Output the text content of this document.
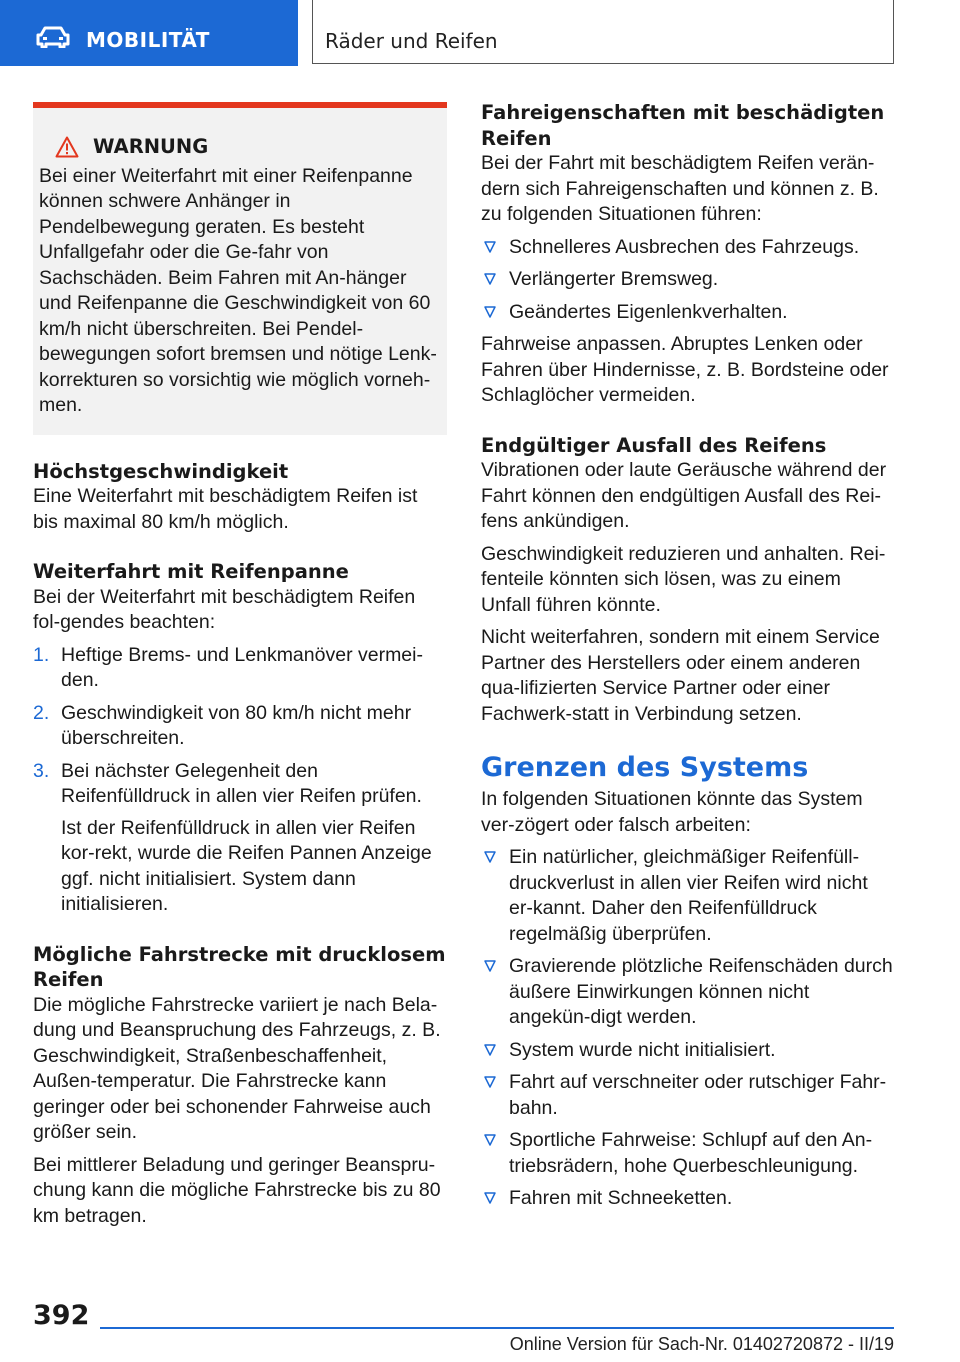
MOBILITÄT	Räder und Reifen
WARNUNG

Bei einer Weiterfahrt mit einer Reifenpanne können schwere Anhänger in Pendelbewegung geraten. Es besteht Unfallgefahr oder die Ge-fahr von Sachschäden. Beim Fahren mit An-hänger und Reifenpanne die Geschwindigkeit von 60 km/h nicht überschreiten. Bei Pendel-bewegungen sofort bremsen und nötige Lenk-korrekturen so vorsichtig wie möglich vorneh-men.

Höchstgeschwindigkeit

Eine Weiterfahrt mit beschädigtem Reifen ist bis maximal 80 km/h möglich.

Weiterfahrt mit Reifenpanne

Bei der Weiterfahrt mit beschädigtem Reifen fol-gendes beachten:

1. Heftige Brems- und Lenkmanöver vermei-den.
2. Geschwindigkeit von 80 km/h nicht mehr überschreiten.
3. Bei nächster Gelegenheit den Reifenfülldruck in allen vier Reifen prüfen.
Ist der Reifenfülldruck in allen vier Reifen kor-rekt, wurde die Reifen Pannen Anzeige ggf. nicht initialisiert. System dann initialisieren.
Mögliche Fahrstrecke mit drucklosem Reifen

Die mögliche Fahrstrecke variiert je nach Bela-dung und Beanspruchung des Fahrzeugs, z. B. Geschwindigkeit, Straßenbeschaffenheit, Außen-temperatur. Die Fahrstrecke kann geringer oder bei schonender Fahrweise auch größer sein.

Bei mittlerer Beladung und geringer Beanspru-chung kann die mögliche Fahrstrecke bis zu 80 km betragen.

Fahreigenschaften mit beschädigten Reifen

Bei der Fahrt mit beschädigtem Reifen verän-dern sich Fahreigenschaften und können z. B. zu folgenden Situationen führen:

Schnelleres Ausbrechen des Fahrzeugs.
Verlängerter Bremsweg.
Geändertes Eigenlenkverhalten.

Fahrweise anpassen. Abruptes Lenken oder Fahren über Hindernisse, z. B. Bordsteine oder Schlaglöcher vermeiden.

Endgültiger Ausfall des Reifens

Vibrationen oder laute Geräusche während der Fahrt können den endgültigen Ausfall des Rei-fens ankündigen.

Geschwindigkeit reduzieren und anhalten. Rei-fenteile könnten sich lösen, was zu einem Unfall führen könnte.

Nicht weiterfahren, sondern mit einem Service Partner des Herstellers oder einem anderen qua-lifizierten Service Partner oder einer Fachwerk-statt in Verbindung setzen.

Grenzen des Systems

In folgenden Situationen könnte das System ver-zögert oder falsch arbeiten:

Ein natürlicher, gleichmäßiger Reifenfüll-druckverlust in allen vier Reifen wird nicht er-kannt. Daher den Reifenfülldruck regelmäßig überprüfen.
Gravierende plötzliche Reifenschäden durch äußere Einwirkungen können nicht angekün-digt werden.
System wurde nicht initialisiert.
Fahrt auf verschneiter oder rutschiger Fahr-bahn.
Sportliche Fahrweise: Schlupf auf den An-triebsrädern, hohe Querbeschleunigung.
Fahren mit Schneeketten.
392
Online Version für Sach-Nr. 01402720872 - II/19
